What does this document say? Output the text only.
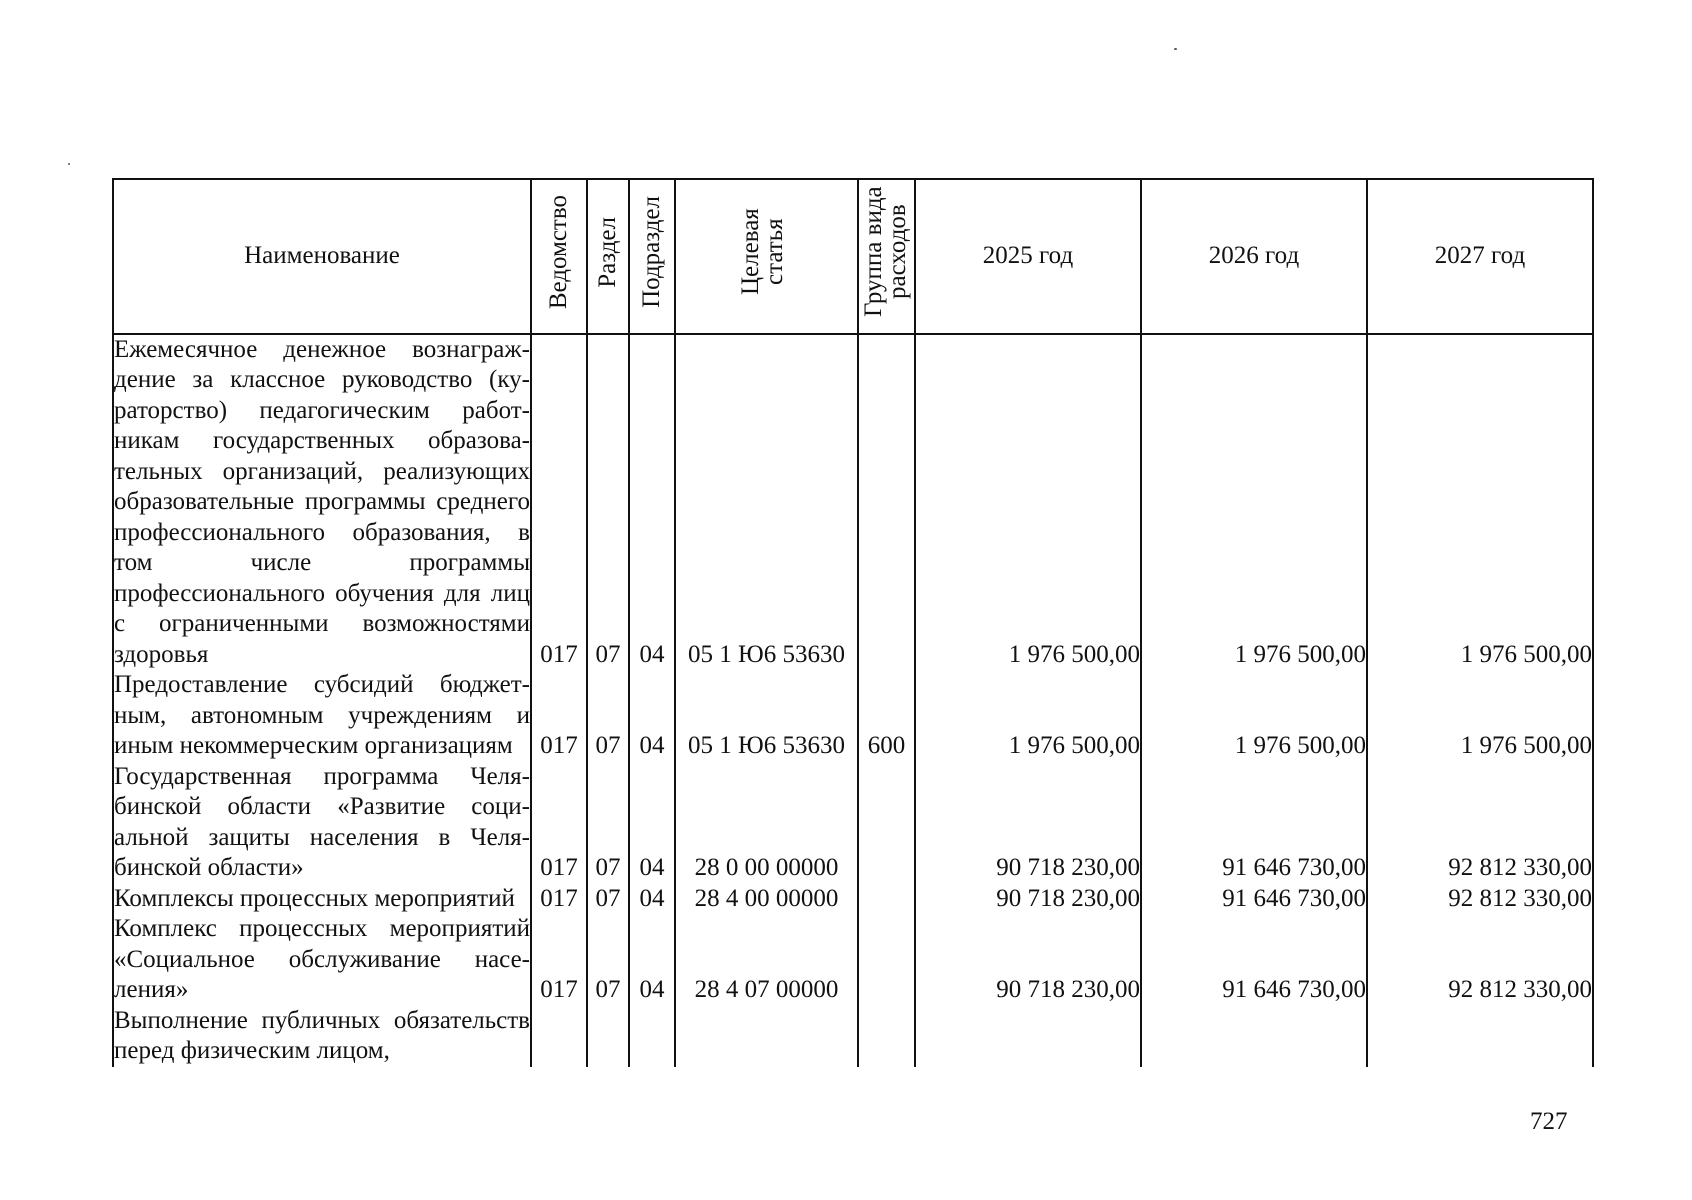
Наименование	Ведомство	Раздел	Подраздел	Целевая статья	Группа вида расходов	2025 год	2026 год	2027 год
Ежемесячное денежное вознаграждение за классное руководство (кураторство) педагогическим работникам государственных образовательных организаций, реализующих образовательные программы среднего профессионального образования, в том числе программы профессионального обучения для лиц с ограниченными возможностями здоровья	017	07	04	05 1 Ю6 53630		1 976 500,00	1 976 500,00	1 976 500,00
Предоставление субсидий бюджетным, автономным учреждениям и иным некоммерческим организациям	017	07	04	05 1 Ю6 53630	600	1 976 500,00	1 976 500,00	1 976 500,00
Государственная программа Челябинской области «Развитие социальной защиты населения в Челябинской области»	017	07	04	28 0 00 00000		90 718 230,00	91 646 730,00	92 812 330,00
Комплексы процессных мероприятий	017	07	04	28 4 00 00000		90 718 230,00	91 646 730,00	92 812 330,00
Комплекс процессных мероприятий «Социальное обслуживание населения»	017	07	04	28 4 07 00000		90 718 230,00	91 646 730,00	92 812 330,00
Выполнение публичных обязательств перед физическим лицом,								
727
